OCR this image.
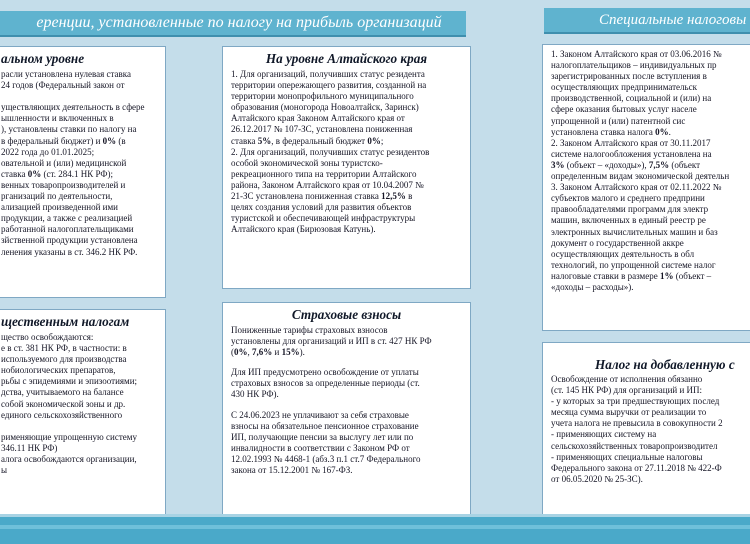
еренции, установленные по налогу на прибыль организаций	Специальные налоговы
альном уровне

расли установлена нулевая ставка

24 годов (Федеральный закон от

уществляющих деятельность в сфере

ышленности и включенных в

), установлены ставки по налогу на

в федеральный бюджет) и 0% (в

2022 года до 01.01.2025;

овательной и (или) медицинской

ставка 0% (ст. 284.1 НК РФ);

венных товаропроизводителей и

рганизаций по деятельности,

ализацией произведенной ими

продукции, а также с реализацией

работанной налогоплательщиками

зйственной продукции установлена

ленения указаны в ст. 346.2 НК РФ.

щественным налогам

щество освобождаются:

е в ст. 381 НК РФ, в частности: в

используемого для производства

нобиологических препаратов,

рьбы с эпидемиями и эпизоотиями;

дства, учитываемого на балансе

собой экономической зоны и др.

единого сельскохозяйственного

рименяющие упрощенную систему

346.11 НК РФ)

алога освобождаются организации,

ы

На уровне Алтайского края

1. Для организаций, получивших статус резидента

территории опережающего развития, созданной на

территории монопрофильного муниципального

образования (моногорода Новоалтайск, Заринск)

Алтайского края Законом Алтайского края от

26.12.2017 № 107-ЗС, установлена пониженная

ставка 5%, в федеральный бюджет 0%;

2. Для организаций, получивших статус резидентов

особой экономической зоны туристско-

рекреационного типа на территории Алтайского

района, Законом Алтайского края от 10.04.2007 №

21-ЗС установлена пониженная ставка 12,5% в

целях создания условий для развития объектов

туристской и обеспечивающей инфраструктуры

Алтайского края (Бирюзовая Катунь).

Страховые взносы

Пониженные тарифы страховых взносов

установлены для организаций и ИП в ст. 427 НК РФ

(0%, 7,6% и 15%).

Для ИП предусмотрено освобождение от уплаты

страховых взносов за определенные периоды (ст.

430 НК РФ).

С 24.06.2023 не уплачивают за себя страховые

взносы на обязательное пенсионное страхование

ИП, получающие пенсии за выслугу лет или по

инвалидности в соответствии с Законом РФ от

12.02.1993 № 4468-1 (абз.3 п.1 ст.7 Федерального

закона от 15.12.2001 № 167-ФЗ.

1. Законом Алтайского края от 03.06.2016 №

налогоплательщиков – индивидуальных пр

зарегистрированных после вступления в

осуществляющих предпринимательск

производственной, социальной и (или) на

сфере оказания бытовых услуг населе

упрощенной и (или) патентной сис

установлена ставка налога 0%.

2. Законом Алтайского края от 30.11.2017

системе налогообложения установлена на

3% (объект – «доходы»), 7,5% (объект

определенным видам экономической деятельн

3. Законом Алтайского края от 02.11.2022 №

субъектов малого и среднего предприни

правообладателями программ для электр

машин, включенных в единый реестр ре

электронных вычислительных машин и баз

документ о государственной аккре

осуществляющих деятельность в обл

технологий, по упрощенной системе налог

налоговые ставки в размере 1% (объект –

«доходы – расходы»).

Налог на добавленную с

Освобождение от исполнения обязанно

(ст. 145 НК РФ) для организаций и ИП:

- у которых за три предшествующих послед

месяца сумма выручки от реализации то

учета налога не превысила в совокупности 2

- применяющих систему на

сельскохозяйственных товаропроизводител

- применяющих специальные налоговы

Федерального закона от 27.11.2018 № 422-Ф

от 06.05.2020 № 25-ЗС).
